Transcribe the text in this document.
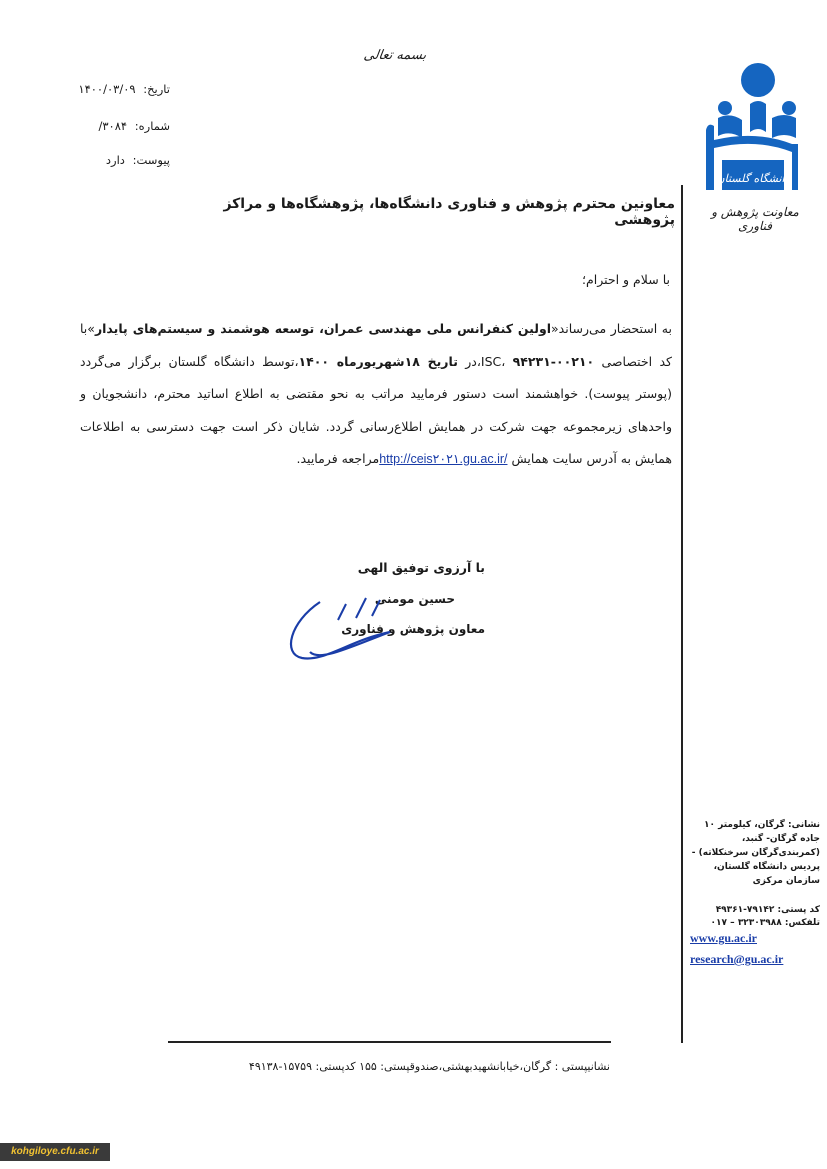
بسمه تعالی
تاریخ: ۱۴۰۰/۰۳/۰۹
شماره: ۳۰۸۴/
پیوست: دارد
دانشگاه گلستان
معاونت پژوهش و فناوری
معاونین محترم پژوهش و فناوری دانشگاه‌ها، پژوهشگاه‌ها و مراکز پژوهشی
با سلام و احترام؛
به استحضار می‌رساند«اولین کنفرانس ملی مهندسی عمران، توسعه هوشمند و سیستم‌های پایدار»با کد اختصاصی ISC، ۹۴۲۳۱-۰۰۲۱۰،در تاریخ ۱۸شهریورماه ۱۴۰۰،توسط دانشگاه گلستان برگزار می‌گردد (پوستر پیوست). خواهشمند است دستور فرمایید مراتب به نحو مقتضی به اطلاع اساتید محترم، دانشجویان و واحدهای زیرمجموعه جهت شرکت در همایش اطلاع‌رسانی گردد. شایان ذکر است جهت دسترسی به اطلاعات همایش به آدرس سایت همایش http://ceis۲۰۲۱.gu.ac.ir/مراجعه فرمایید.
با آرزوی توفیق الهی
حسین مومنی
معاون پژوهش و فناوری
نشانی: گرگان، کیلومتر ۱۰ جاده گرگان- گنبد، (کمربندی‌گرگان سرخنکلاته) - پردیس دانشگاه گلستان، سازمان مرکزی
کد پستی: ۷۹۱۴۲-۴۹۳۶۱
تلفکس: ۳۲۳۰۳۹۸۸ – ۰۱۷
www.gu.ac.ir
research@gu.ac.ir
نشانیپستی : گرگان،خیابانشهیدبهشتی،صندوقپستی: ۱۵۵ کدپستی: ۱۵۷۵۹-۴۹۱۳۸
kohgiloye.cfu.ac.ir
